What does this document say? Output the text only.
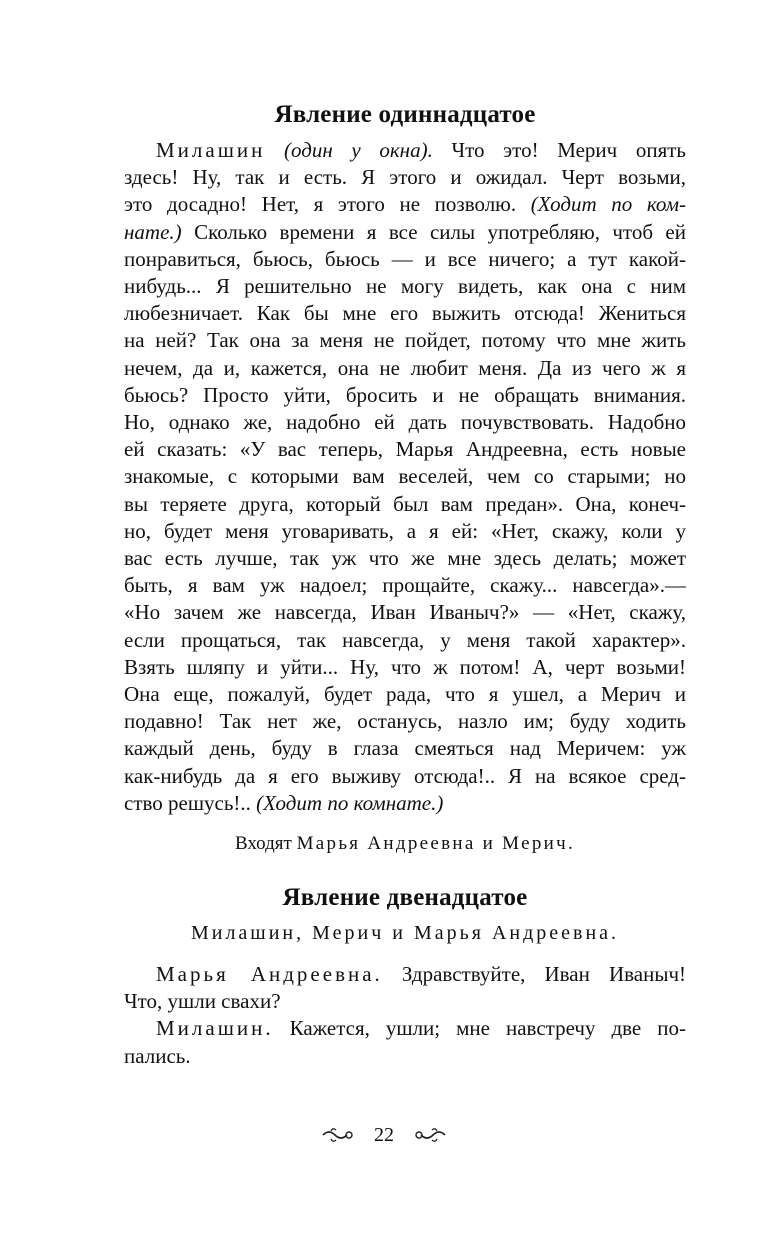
Явление одиннадцатое
Милашин (один у окна). Что это! Мерич опять
здесь! Ну, так и есть. Я этого и ожидал. Черт возьми,
это досадно! Нет, я этого не позволю. (Ходит по ком-
нате.) Сколько времени я все силы употребляю, чтоб ей
понравиться, бьюсь, бьюсь — и все ничего; а тут какой-
нибудь... Я решительно не могу видеть, как она с ним
любезничает. Как бы мне его выжить отсюда! Жениться
на ней? Так она за меня не пойдет, потому что мне жить
нечем, да и, кажется, она не любит меня. Да из чего ж я
бьюсь? Просто уйти, бросить и не обращать внимания.
Но, однако же, надобно ей дать почувствовать. Надобно
ей сказать: «У вас теперь, Марья Андреевна, есть новые
знакомые, с которыми вам веселей, чем со старыми; но
вы теряете друга, который был вам предан». Она, конеч-
но, будет меня уговаривать, а я ей: «Нет, скажу, коли у
вас есть лучше, так уж что же мне здесь делать; может
быть, я вам уж надоел; прощайте, скажу... навсегда».—
«Но зачем же навсегда, Иван Иваныч?» — «Нет, скажу,
если прощаться, так навсегда, у меня такой характер».
Взять шляпу и уйти... Ну, что ж потом! А, черт возьми!
Она еще, пожалуй, будет рада, что я ушел, а Мерич и
подавно! Так нет же, останусь, назло им; буду ходить
каждый день, буду в глаза смеяться над Меричем: уж
как-нибудь да я его выживу отсюда!.. Я на всякое сред-
ство решусь!.. (Ходит по комнате.)
Входят Марья Андреевна и Мерич.
Явление двенадцатое
Милашин, Мерич и Марья Андреевна.
Марья Андреевна. Здравствуйте, Иван Иваныч!
Что, ушли свахи?
Милашин. Кажется, ушли; мне навстречу две по-
пались.
22
